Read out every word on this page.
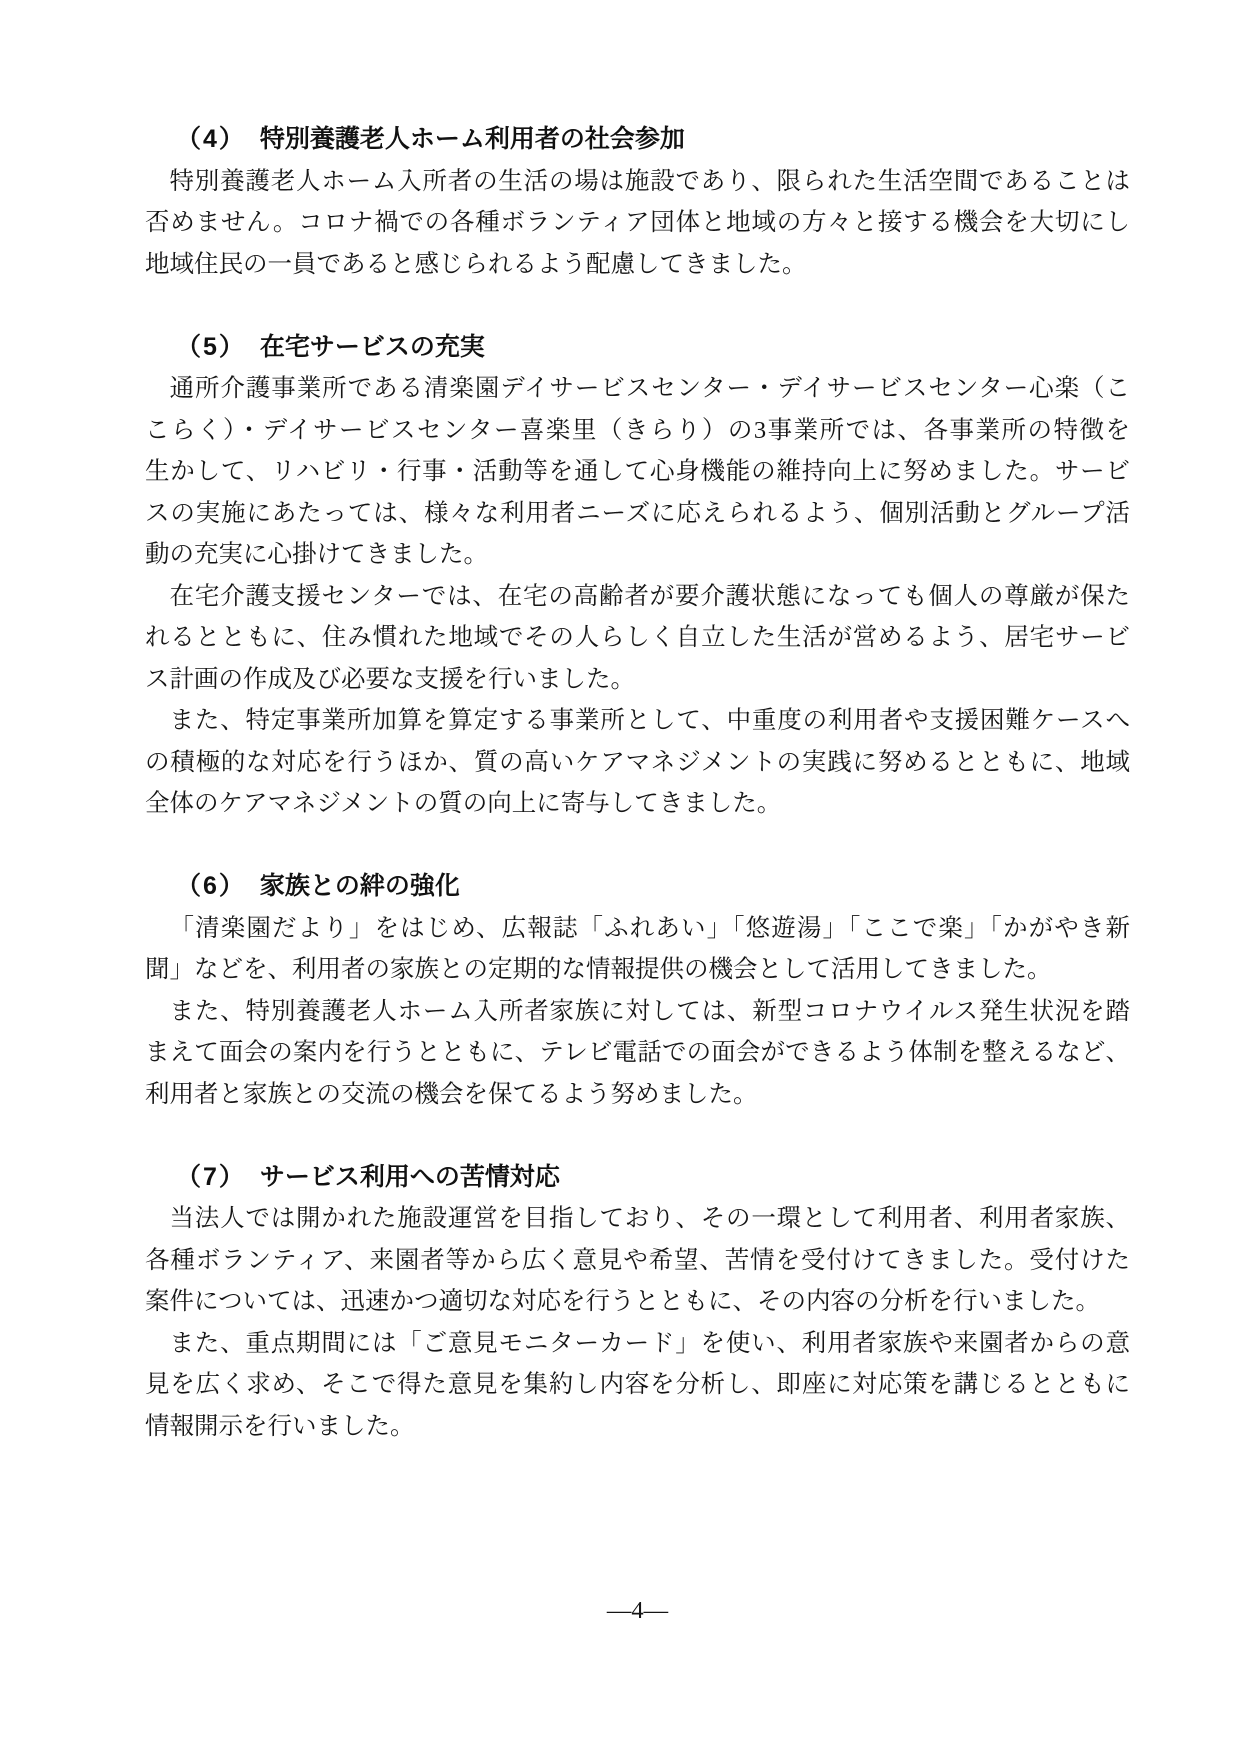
（4） 特別養護老人ホーム利用者の社会参加

特別養護老人ホーム入所者の生活の場は施設であり、限られた生活空間であることは
否めません。コロナ禍での各種ボランティア団体と地域の方々と接する機会を大切にし
地域住民の一員であると感じられるよう配慮してきました。

（5） 在宅サービスの充実

通所介護事業所である清楽園デイサービスセンター・デイサービスセンター心楽（こ
こらく）・デイサービスセンター喜楽里（きらり）の3事業所では、各事業所の特徴を
生かして、リハビリ・行事・活動等を通して心身機能の維持向上に努めました。サービ
スの実施にあたっては、様々な利用者ニーズに応えられるよう、個別活動とグループ活
動の充実に心掛けてきました。

在宅介護支援センターでは、在宅の高齢者が要介護状態になっても個人の尊厳が保た
れるとともに、住み慣れた地域でその人らしく自立した生活が営めるよう、居宅サービ
ス計画の作成及び必要な支援を行いました。

また、特定事業所加算を算定する事業所として、中重度の利用者や支援困難ケースへ
の積極的な対応を行うほか、質の高いケアマネジメントの実践に努めるとともに、地域
全体のケアマネジメントの質の向上に寄与してきました。

（6） 家族との絆の強化

「清楽園だより」をはじめ、広報誌「ふれあい」「悠遊湯」「ここで楽」「かがやき新
聞」などを、利用者の家族との定期的な情報提供の機会として活用してきました。

また、特別養護老人ホーム入所者家族に対しては、新型コロナウイルス発生状況を踏
まえて面会の案内を行うとともに、テレビ電話での面会ができるよう体制を整えるなど、
利用者と家族との交流の機会を保てるよう努めました。

（7） サービス利用への苦情対応

当法人では開かれた施設運営を目指しており、その一環として利用者、利用者家族、
各種ボランティア、来園者等から広く意見や希望、苦情を受付けてきました。受付けた
案件については、迅速かつ適切な対応を行うとともに、その内容の分析を行いました。

また、重点期間には「ご意見モニターカード」を使い、利用者家族や来園者からの意
見を広く求め、そこで得た意見を集約し内容を分析し、即座に対応策を講じるとともに
情報開示を行いました。

—4—
